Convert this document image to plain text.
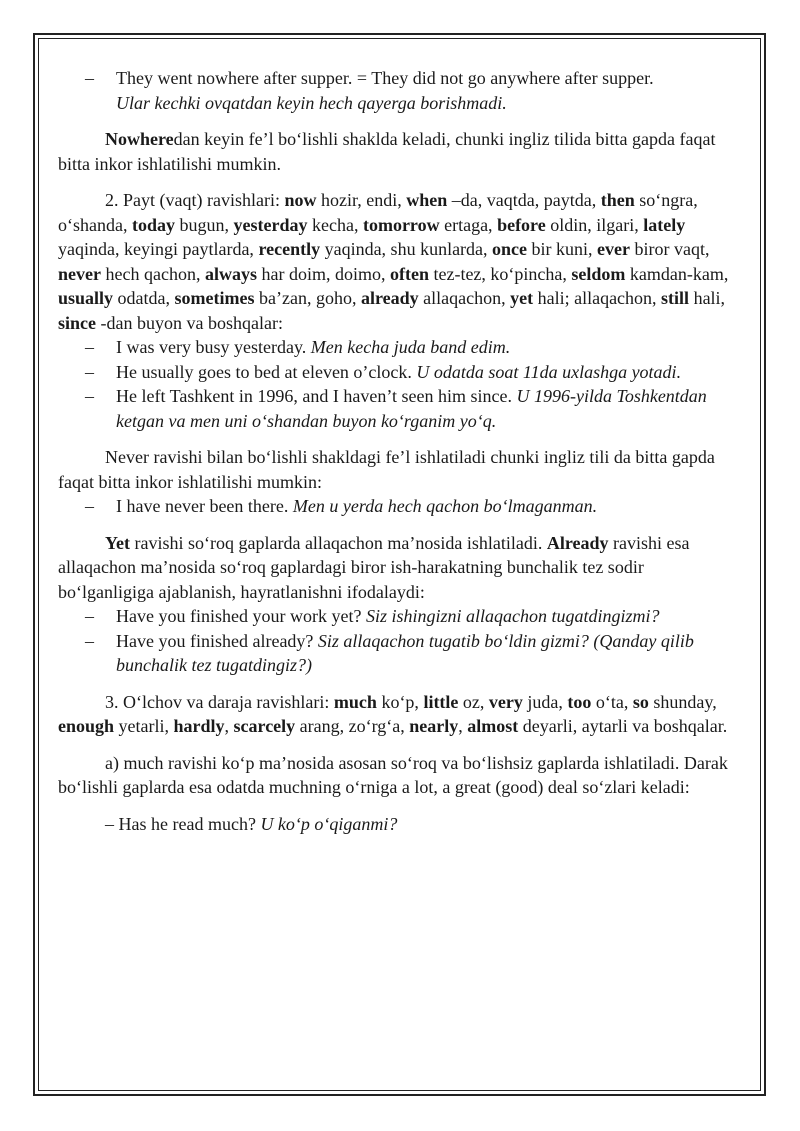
– They went nowhere after supper. = They did not go anywhere after supper.
Ular kechki ovqatdan keyin hech qayerga borishmadi.

Nowheredan keyin fe’l bo‘lishli shaklda keladi, chunki ingliz tilida bitta gapda faqat bitta inkor ishlatilishi mumkin.

2. Payt (vaqt) ravishlari: now hozir, endi, when –da, vaqtda, paytda, then so‘ngra, o‘shanda, today bugun, yesterday kecha, tomorrow ertaga, before oldin, ilgari, lately yaqinda, keyingi paytlarda, recently yaqinda, shu kunlarda, once bir kuni, ever biror vaqt, never hech qachon, always har doim, doimo, often tez-tez, ko‘pincha, seldom kamdan-kam, usually odatda, sometimes ba’zan, goho, already allaqachon, yet hali; allaqachon, still hali, since -dan buyon va boshqalar:

– I was very busy yesterday. Men kecha juda band edim.
– He usually goes to bed at eleven o’clock. U odatda soat 11da uxlashga yotadi.
– He left Tashkent in 1996, and I haven’t seen him since. U 1996-yilda Toshkentdan ketgan va men uni o‘shandan buyon ko‘rganim yo‘q.

Never ravishi bilan bo‘lishli shakldagi fe’l ishlatiladi chunki ingliz tili da bitta gapda faqat bitta inkor ishlatilishi mumkin:

– I have never been there. Men u yerda hech qachon bo‘lmaganman.

Yet ravishi so‘roq gaplarda allaqachon ma’nosida ishlatiladi. Already ravishi esa allaqachon ma’nosida so‘roq gaplardagi biror ish-harakatning bunchalik tez sodir bo‘lganligiga ajablanish, hayratlanishni ifodalaydi:

– Have you finished your work yet? Siz ishingizni allaqachon tugatdingizmi?
– Have you finished already? Siz allaqachon tugatib bo‘ldin gizmi? (Qanday qilib bunchalik tez tugatdingiz?)

3. O‘lchov va daraja ravishlari: much ko‘p, little oz, very juda, too o‘ta, so shunday, enough yetarli, hardly, scarcely arang, zo‘rg‘a, nearly, almost deyarli, aytarli va boshqalar.

a) much ravishi ko‘p ma’nosida asosan so‘roq va bo‘lishsiz gaplarda ishlatiladi. Darak bo‘lishli gaplarda esa odatda muchning o‘rniga a lot, a great (good) deal so‘zlari keladi:

– Has he read much? U ko‘p o‘qiganmi?
